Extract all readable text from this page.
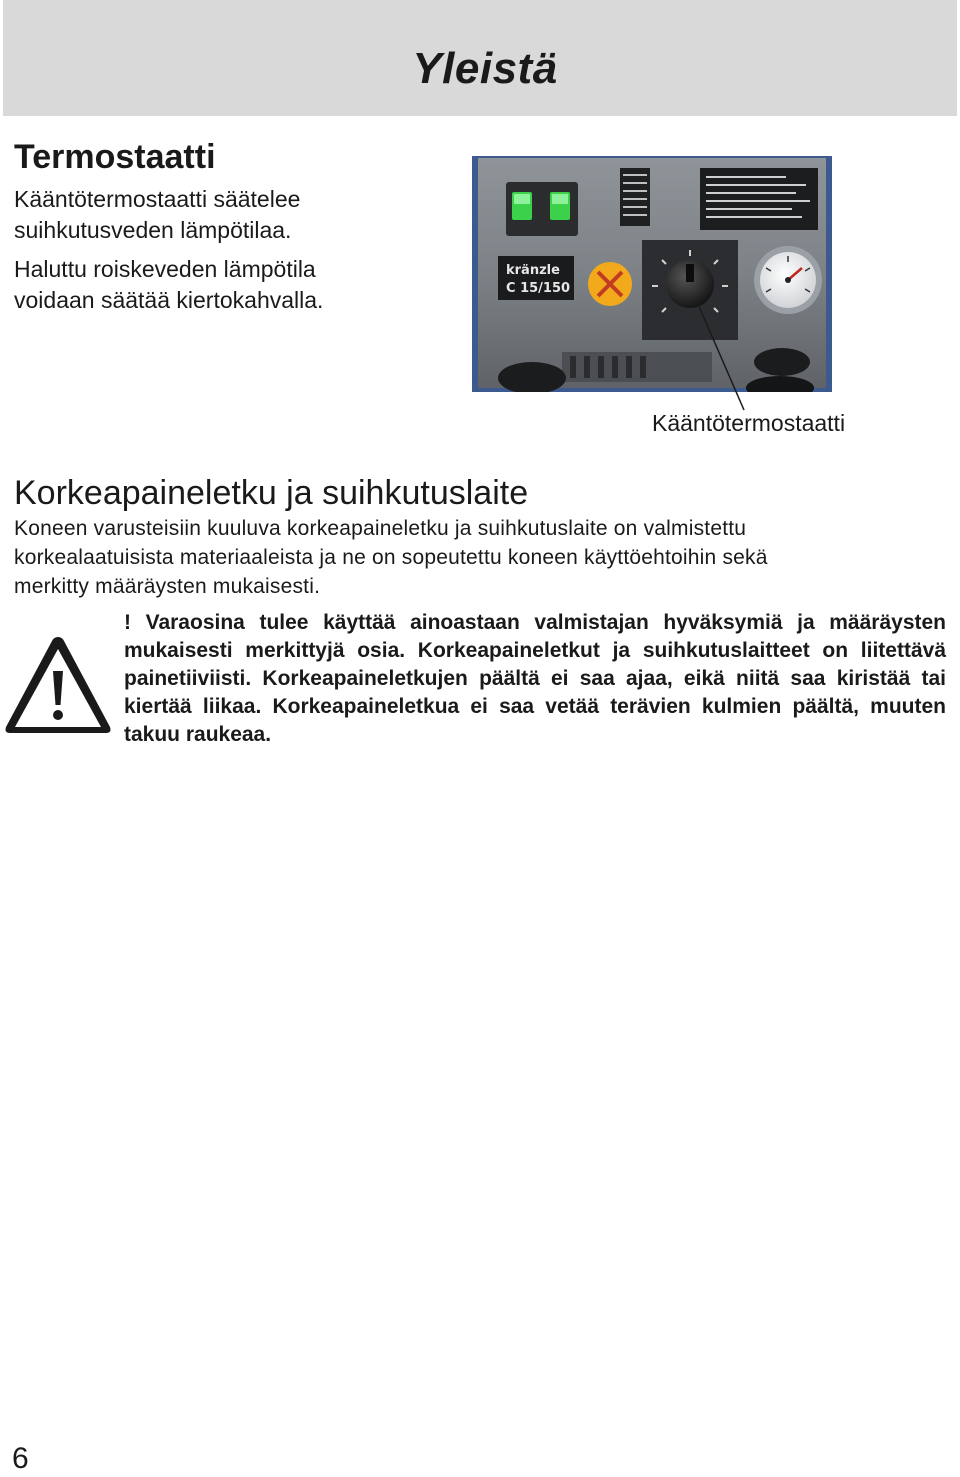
Yleistä
Termostaatti

Kääntötermostaatti säätelee suihkutusveden lämpötilaa.

Haluttu roiskeveden lämpötila voidaan säätää kiertokahvalla.

kränzle
C 15/150
Kääntötermostaatti
Korkeapaineletku ja suihkutuslaite

Koneen varusteisiin kuuluva korkeapaineletku ja suihkutuslaite on valmistettu korkealaatuisista materiaaleista ja ne on sopeutettu koneen käyttöehtoihin sekä merkitty määräysten mukaisesti.

! Varaosina tulee käyttää ainoastaan valmistajan hyväksymiä ja määräysten mukaisesti merkittyjä osia. Korkeapaineletkut ja suihkutuslaitteet on liitettävä painetiiviisti. Korkeapaineletkujen päältä ei saa ajaa, eikä niitä saa kiristää tai kiertää liikaa. Korkeapaineletkua ei saa vetää terävien kulmien päältä, muuten takuu raukeaa.

6
